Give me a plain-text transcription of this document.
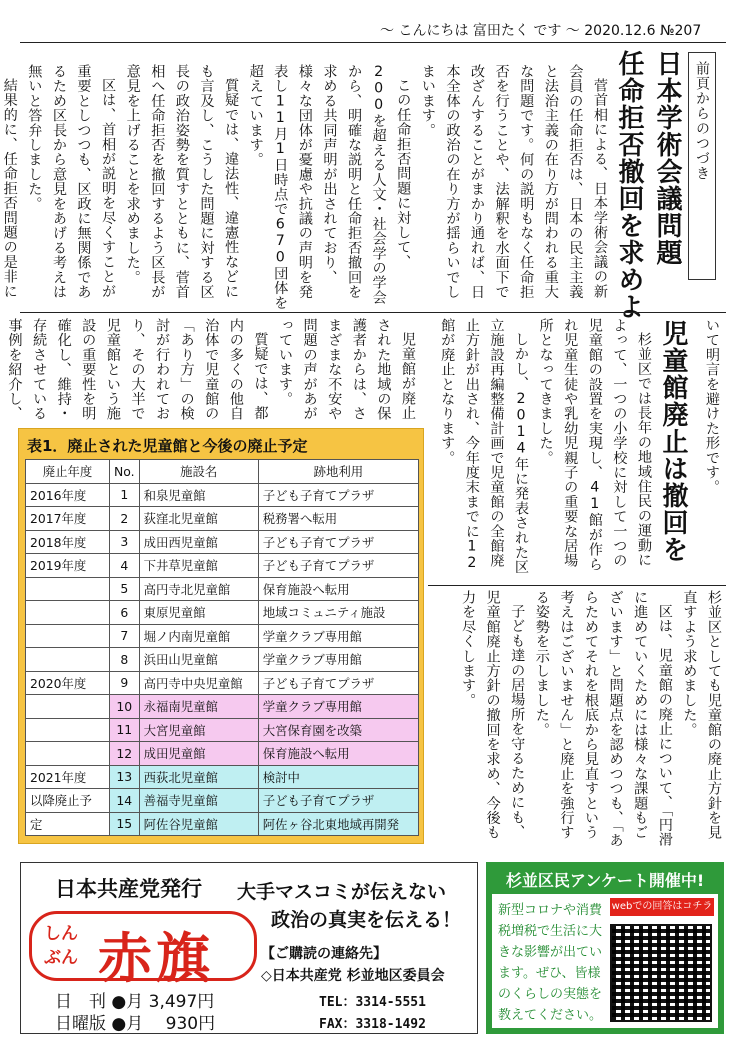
～ こんにちは 富田たく です ～ 2020.12.6 №207
前頁からのつづき
日本学術会議問題
任命拒否撤回を求めよ

菅首相による、日本学術会議の新会員の任命拒否は、日本の民主主義と法治主義の在り方が問われる重大な問題です。何の説明もなく任命拒否を行うことや、法解釈を水面下で改ざんすることがまかり通れば、日本全体の政治の在り方が揺らいでしまいます。

この任命拒否問題に対して、200を超える人文・社会学の学会から、明確な説明と任命拒否撤回を求める共同声明が出されており、様々な団体が憂慮や抗議の声明を発表し11月1日時点で670団体を超えています。

質疑では、違法性、違憲性などにも言及し、こうした問題に対する区長の政治姿勢を質すとともに、菅首相へ任命拒否を撤回するよう区長が意見を上げることを求めました。

区は、首相が説明を尽くすことが重要としつつも、区政に無関係であるため区長から意見をあげる考えは無いと答弁しました。

結果的に、任命拒否問題の是非に

いて明言を避けた形です。
児童館廃止は撤回を

杉並区では長年の地域住民の運動によって、一つの小学校に対して一つの児童館の設置を実現し、41館が作られ児童生徒や乳幼児親子の重要な居場所となってきました。

しかし、2014年に発表された区立施設再編整備計画で児童館の全館廃止方針が出され、今年度末までに12館が廃止となります。

児童館が廃止された地域の保護者からは、さまざまな不安や問題の声があがっています。

質疑では、都内の多くの他自治体で児童館の「あり方」の検討が行われており、その大半で児童館という施設の重要性を明確化し、維持・存続させている事例を紹介し、

杉並区としても児童館の廃止方針を見直すよう求めました。

区は、児童館の廃止について、「円滑に進めていくためには様々な課題もございます」と問題点を認めつつも、「あらためてそれを根底から見直すという考えはございません」と廃止を強行する姿勢を示しました。

子ども達の居場所を守るためにも、児童館廃止方針の撤回を求め、今後も力を尽くします。

表1．廃止された児童館と今後の廃止予定
廃止年度	No.	施設名	跡地利用
2016年度	1	和泉児童館	子ども子育てプラザ
2017年度	2	荻窪北児童館	税務署へ転用
2018年度	3	成田西児童館	子ども子育てプラザ
2019年度	4	下井草児童館	子ども子育てプラザ
	5	高円寺北児童館	保育施設へ転用
	6	東原児童館	地域コミュニティ施設
	7	堀ノ内南児童館	学童クラブ専用館
	8	浜田山児童館	学童クラブ専用館
2020年度	9	高円寺中央児童館	子ども子育てプラザ
	10	永福南児童館	学童クラブ専用館
	11	大宮児童館	大宮保育園を改築
	12	成田児童館	保育施設へ転用
2021年度	13	西荻北児童館	検討中
以降廃止予	14	善福寺児童館	子ども子育てプラザ
定	15	阿佐谷児童館	阿佐ヶ谷北東地域再開発
日本共産党発行 大手マスコミが伝えない
政治の真実を伝える！
しんぶん 赤旗
日　刊 ●月 3,497円
日曜版 ●月　 930円
【ご購読の連絡先】
◇日本共産党 杉並地区委員会
TEL：3314-5551
FAX：3318-1492
杉並区民アンケート開催中!
新型コロナや消費税増税で生活に大きな影響が出ています。ぜひ、皆様のくらしの実態を教えてください。
webでの回答はコチラ
